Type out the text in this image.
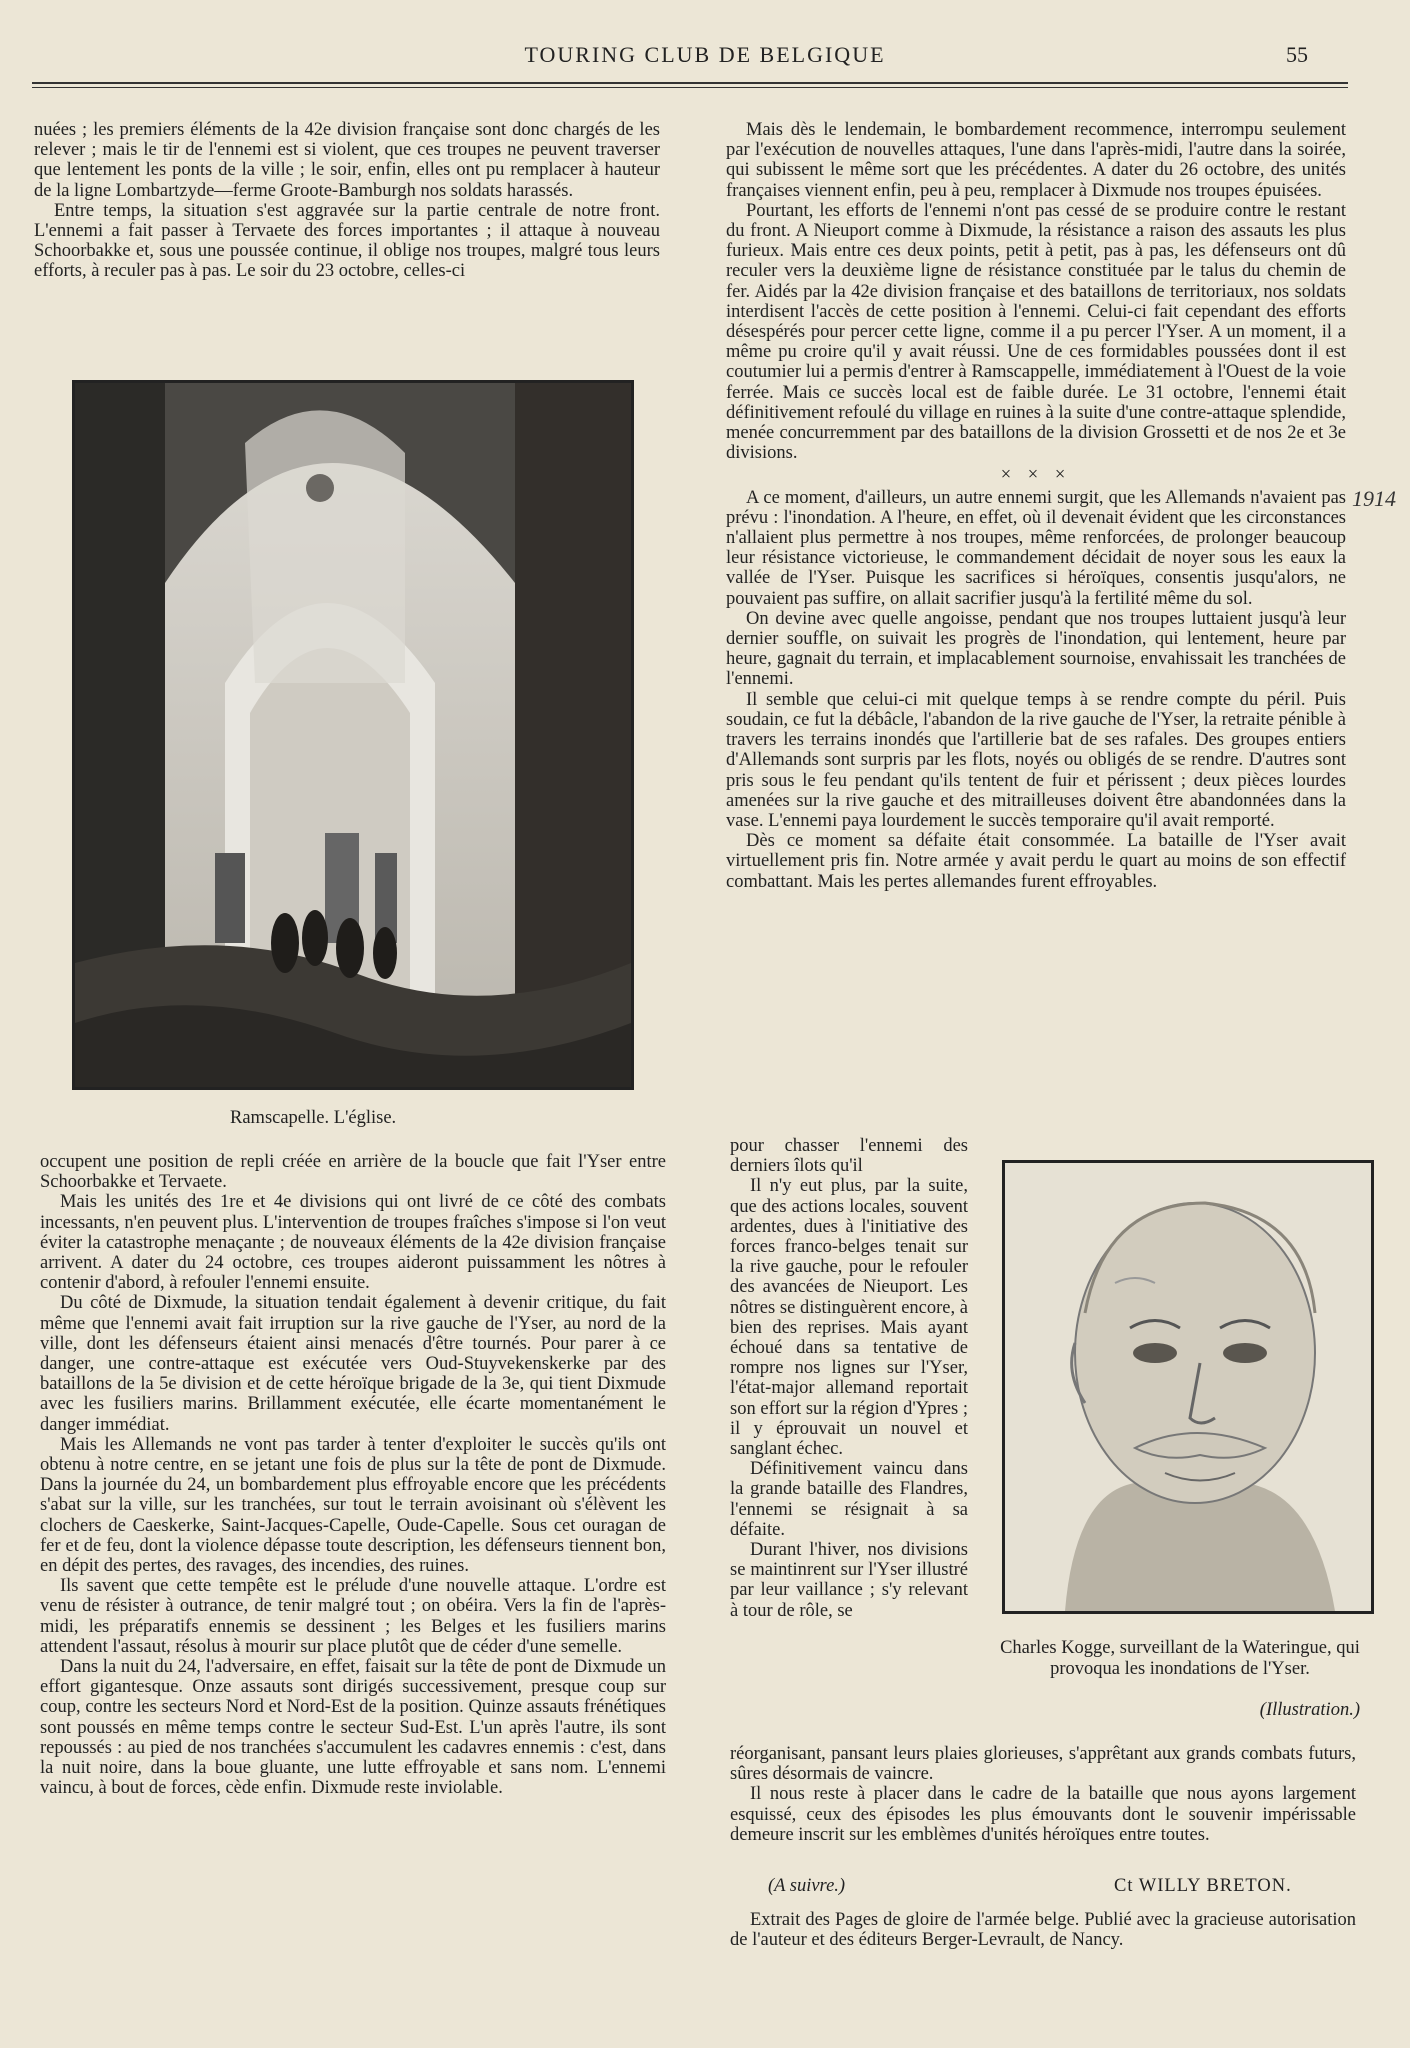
TOURING CLUB DE BELGIQUE	55

nuées ; les premiers éléments de la 42e division française sont donc chargés de les relever ; mais le tir de l'ennemi est si violent, que ces troupes ne peuvent traverser que lentement les ponts de la ville ; le soir, enfin, elles ont pu remplacer à hauteur de la ligne Lombartzyde—ferme Groote-Bamburgh nos soldats harassés.

Entre temps, la situation s'est aggravée sur la partie centrale de notre front. L'ennemi a fait passer à Tervaete des forces importantes ; il attaque à nouveau Schoorbakke et, sous une poussée continue, il oblige nos troupes, malgré tous leurs efforts, à reculer pas à pas. Le soir du 23 octobre, celles-ci

Ramscapelle. L'église.

occupent une position de repli créée en arrière de la boucle que fait l'Yser entre Schoorbakke et Tervaete.

Mais les unités des 1re et 4e divisions qui ont livré de ce côté des combats incessants, n'en peuvent plus. L'intervention de troupes fraîches s'impose si l'on veut éviter la catastrophe menaçante ; de nouveaux éléments de la 42e division française arrivent. A dater du 24 octobre, ces troupes aideront puissamment les nôtres à contenir d'abord, à refouler l'ennemi ensuite.

Du côté de Dixmude, la situation tendait également à devenir critique, du fait même que l'ennemi avait fait irruption sur la rive gauche de l'Yser, au nord de la ville, dont les défenseurs étaient ainsi menacés d'être tournés. Pour parer à ce danger, une contre-attaque est exécutée vers Oud-Stuyvekenskerke par des bataillons de la 5e division et de cette héroïque brigade de la 3e, qui tient Dixmude avec les fusiliers marins. Brillamment exécutée, elle écarte momentanément le danger immédiat.

Mais les Allemands ne vont pas tarder à tenter d'exploiter le succès qu'ils ont obtenu à notre centre, en se jetant une fois de plus sur la tête de pont de Dixmude. Dans la journée du 24, un bombardement plus effroyable encore que les précédents s'abat sur la ville, sur les tranchées, sur tout le terrain avoisinant où s'élèvent les clochers de Caeskerke, Saint-Jacques-Capelle, Oude-Capelle. Sous cet ouragan de fer et de feu, dont la violence dépasse toute description, les défenseurs tiennent bon, en dépit des pertes, des ravages, des incendies, des ruines.

Ils savent que cette tempête est le prélude d'une nouvelle attaque. L'ordre est venu de résister à outrance, de tenir malgré tout ; on obéira. Vers la fin de l'après-midi, les préparatifs ennemis se dessinent ; les Belges et les fusiliers marins attendent l'assaut, résolus à mourir sur place plutôt que de céder d'une semelle.

Dans la nuit du 24, l'adversaire, en effet, faisait sur la tête de pont de Dixmude un effort gigantesque. Onze assauts sont dirigés successivement, presque coup sur coup, contre les secteurs Nord et Nord-Est de la position. Quinze assauts frénétiques sont poussés en même temps contre le secteur Sud-Est. L'un après l'autre, ils sont repoussés : au pied de nos tranchées s'accumulent les cadavres ennemis : c'est, dans la nuit noire, dans la boue gluante, une lutte effroyable et sans nom. L'ennemi vaincu, à bout de forces, cède enfin. Dixmude reste inviolable.

Mais dès le lendemain, le bombardement recommence, interrompu seulement par l'exécution de nouvelles attaques, l'une dans l'après-midi, l'autre dans la soirée, qui subissent le même sort que les précédentes. A dater du 26 octobre, des unités françaises viennent enfin, peu à peu, remplacer à Dixmude nos troupes épuisées.

Pourtant, les efforts de l'ennemi n'ont pas cessé de se produire contre le restant du front. A Nieuport comme à Dixmude, la résistance a raison des assauts les plus furieux. Mais entre ces deux points, petit à petit, pas à pas, les défenseurs ont dû reculer vers la deuxième ligne de résistance constituée par le talus du chemin de fer. Aidés par la 42e division française et des bataillons de territoriaux, nos soldats interdisent l'accès de cette position à l'ennemi. Celui-ci fait cependant des efforts désespérés pour percer cette ligne, comme il a pu percer l'Yser. A un moment, il a même pu croire qu'il y avait réussi. Une de ces formidables poussées dont il est coutumier lui a permis d'entrer à Ramscappelle, immédiatement à l'Ouest de la voie ferrée. Mais ce succès local est de faible durée. Le 31 octobre, l'ennemi était définitivement refoulé du village en ruines à la suite d'une contre-attaque splendide, menée concurremment par des bataillons de la division Grossetti et de nos 2e et 3e divisions.

× × ×

A ce moment, d'ailleurs, un autre ennemi surgit, que les Allemands n'avaient pas prévu : l'inondation. A l'heure, en effet, où il devenait évident que les circonstances n'allaient plus permettre à nos troupes, même renforcées, de prolonger beaucoup leur résistance victorieuse, le commandement décidait de noyer sous les eaux la vallée de l'Yser. Puisque les sacrifices si héroïques, consentis jusqu'alors, ne pouvaient pas suffire, on allait sacrifier jusqu'à la fertilité même du sol.

On devine avec quelle angoisse, pendant que nos troupes luttaient jusqu'à leur dernier souffle, on suivait les progrès de l'inondation, qui lentement, heure par heure, gagnait du terrain, et implacablement sournoise, envahissait les tranchées de l'ennemi.

Il semble que celui-ci mit quelque temps à se rendre compte du péril. Puis soudain, ce fut la débâcle, l'abandon de la rive gauche de l'Yser, la retraite pénible à travers les terrains inondés que l'artillerie bat de ses rafales. Des groupes entiers d'Allemands sont surpris par les flots, noyés ou obligés de se rendre. D'autres sont pris sous le feu pendant qu'ils tentent de fuir et périssent ; deux pièces lourdes amenées sur la rive gauche et des mitrailleuses doivent être abandonnées dans la vase. L'ennemi paya lourdement le succès temporaire qu'il avait remporté.

Dès ce moment sa défaite était consommée. La bataille de l'Yser avait virtuellement pris fin. Notre armée y avait perdu le quart au moins de son effectif combattant. Mais les pertes allemandes furent effroyables.

1914

pour chasser l'ennemi des derniers îlots qu'il

Il n'y eut plus, par la suite, que des actions locales, souvent ardentes, dues à l'initiative des forces franco-belges tenait sur la rive gauche, pour le refouler des avancées de Nieuport. Les nôtres se distinguèrent encore, à bien des reprises. Mais ayant échoué dans sa tentative de rompre nos lignes sur l'Yser, l'état-major allemand reportait son effort sur la région d'Ypres ; il y éprouvait un nouvel et sanglant échec.

Définitivement vaincu dans la grande bataille des Flandres, l'ennemi se résignait à sa défaite.

Durant l'hiver, nos divisions se maintinrent sur l'Yser illustré par leur vaillance ; s'y relevant à tour de rôle, se

Charles Kogge, surveillant de la Wateringue, qui provoqua les inondations de l'Yser.
(Illustration.)

réorganisant, pansant leurs plaies glorieuses, s'apprêtant aux grands combats futurs, sûres désormais de vaincre.

Il nous reste à placer dans le cadre de la bataille que nous ayons largement esquissé, ceux des épisodes les plus émouvants dont le souvenir impérissable demeure inscrit sur les emblèmes d'unités héroïques entre toutes.

(A suivre.)	Ct WILLY BRETON.

Extrait des Pages de gloire de l'armée belge. Publié avec la gracieuse autorisation de l'auteur et des éditeurs Berger-Levrault, de Nancy.
